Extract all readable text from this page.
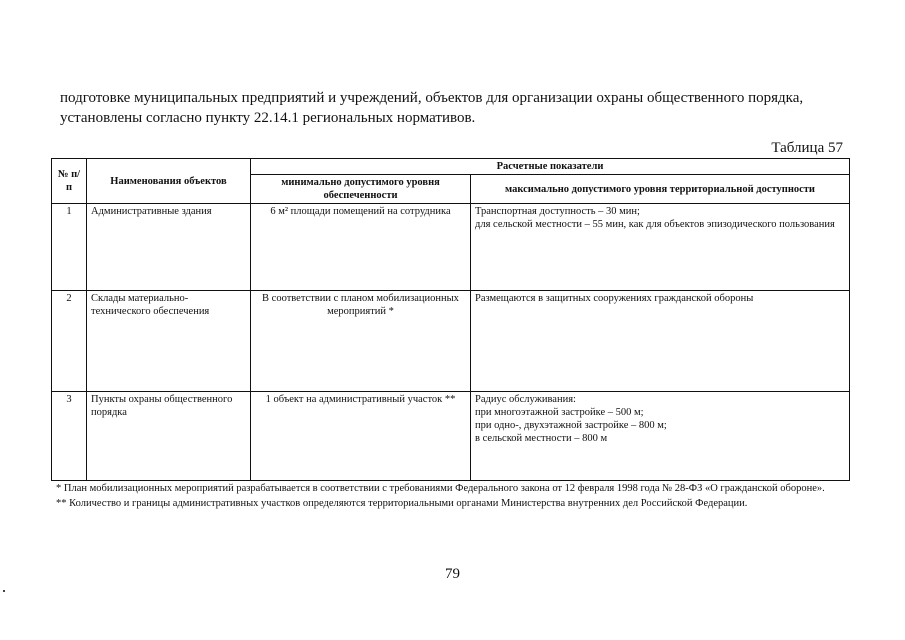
подготовке муниципальных предприятий и учреждений, объектов для организации охраны общественного порядка,

установлены согласно пункту 22.14.1 региональных нормативов.

Таблица 57
№ п/п	Наименования объектов	Расчетные показатели	
		минимально допустимого уровня обеспеченности	максимально допустимого уровня территориальной доступности
1	Административные здания	6 м² площади помещений на сотрудника	Транспортная доступность – 30 мин;
для сельской местности – 55 мин, как для объектов эпизодического пользования

2	Склады материально-технического обеспечения	В соответствии с планом мобилизационных мероприятий *	Размещаются в защитных сооружениях гражданской обороны

3	Пункты охраны общественного порядка	1 объект на административный участок **	Радиус обслуживания:
при многоэтажной застройке – 500 м;
при одно-, двухэтажной застройке – 800 м;
в сельской местности – 800 м

* План мобилизационных мероприятий разрабатывается в соответствии с требованиями Федерального закона от 12 февраля 1998 года № 28-ФЗ «О гражданской обороне».

** Количество и границы административных участков определяются территориальными органами Министерства внутренних дел Российской Федерации.

79
